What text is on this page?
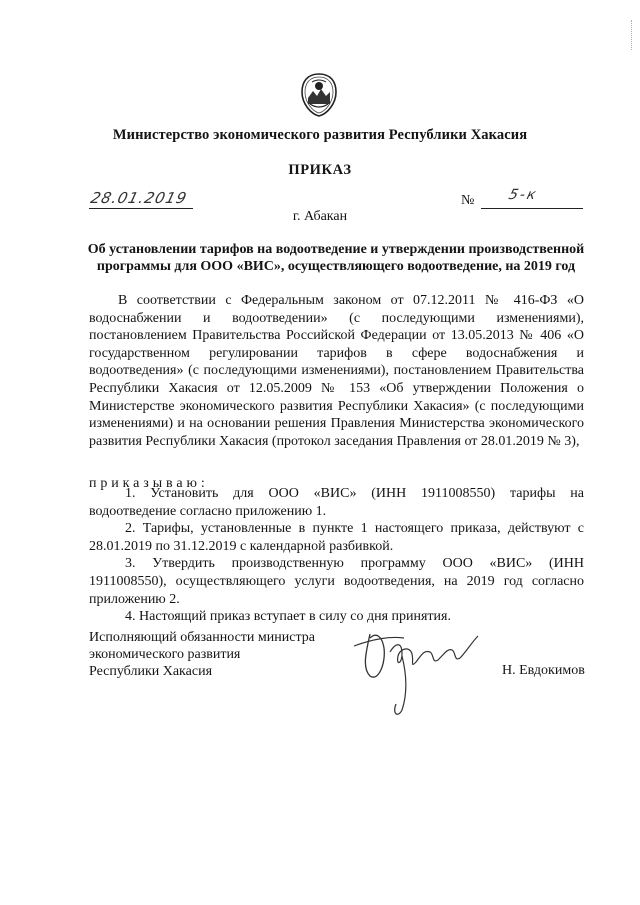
Министерство экономического развития Республики Хакасия
ПРИКАЗ
28.01.2019	№ 5-к
г. Абакан
Об установлении тарифов на водоотведение и утверждении производственной
программы для ООО «ВИС», осуществляющего водоотведение, на 2019 год

В соответствии с Федеральным законом от 07.12.2011 № 416-ФЗ «О водоснабжении и водоотведении» (с последующими изменениями), постановлением Правительства Российской Федерации от 13.05.2013 № 406 «О государственном регулировании тарифов в сфере водоснабжения и водоотведения» (с последующими изменениями), постановлением Правительства Республики Хакасия от 12.05.2009 № 153 «Об утверждении Положения о Министерстве экономического развития Республики Хакасия» (с последующими изменениями) и на основании решения Правления Министерства экономического развития Республики Хакасия (протокол заседания Правления от 28.01.2019 № 3),

приказываю:

1. Установить для ООО «ВИС» (ИНН 1911008550) тарифы на водоотведение согласно приложению 1.

2. Тарифы, установленные в пункте 1 настоящего приказа, действуют с 28.01.2019 по 31.12.2019 с календарной разбивкой.

3. Утвердить производственную программу ООО «ВИС» (ИНН 1911008550), осуществляющего услуги водоотведения, на 2019 год согласно приложению 2.

4. Настоящий приказ вступает в силу со дня принятия.

Исполняющий обязанности министра
экономического развития
Республики Хакасия	Н. Евдокимов
